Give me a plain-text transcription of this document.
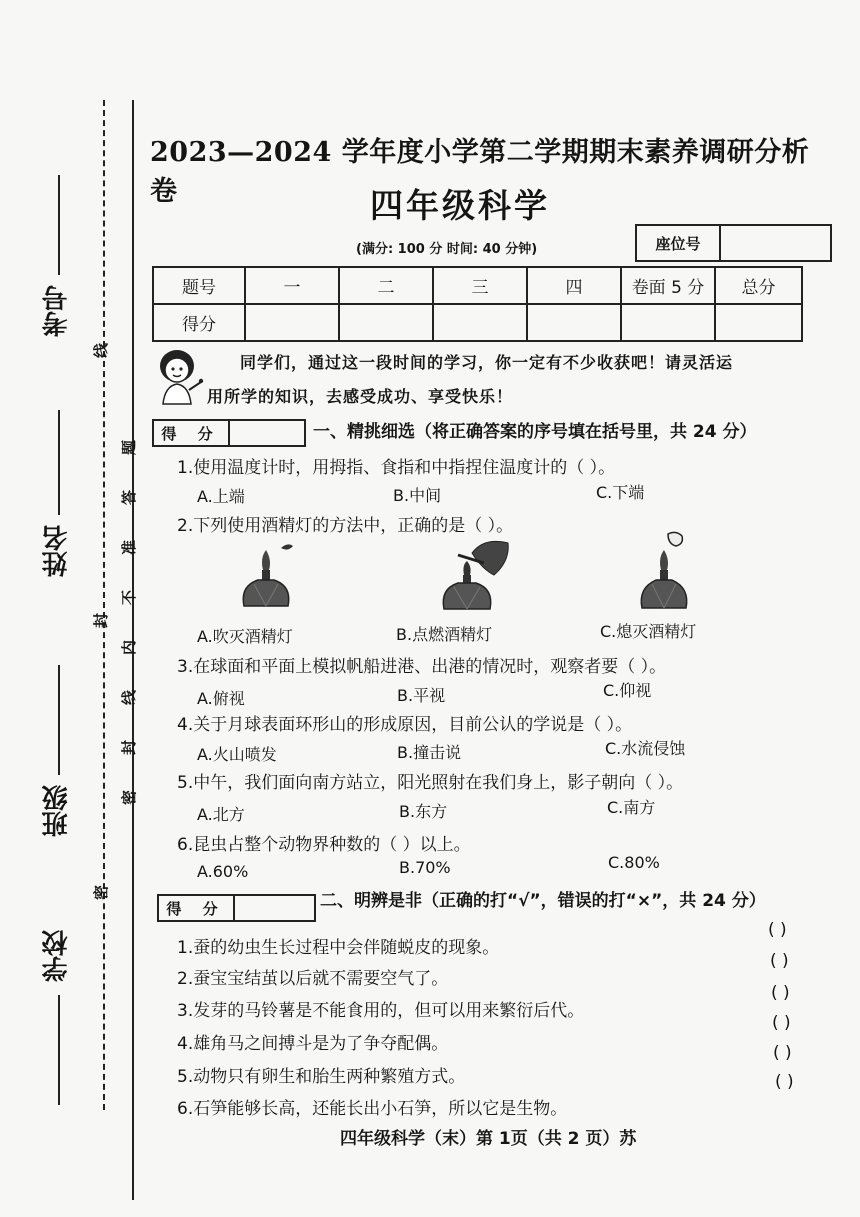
考号
姓名
班级
学校
线
封
密
题
答
准
不
内
线
封
密
2023—2024 学年度小学第二学期期末素养调研分析卷	四年级科学
(满分: 100 分 时间: 40 分钟)	座位号
题号	一	二	三	四	卷面 5 分	总分
得分						
同学们，通过这一段时间的学习，你一定有不少收获吧！请灵活运
用所学的知识，去感受成功、享受快乐！
得 分	一、精挑细选（将正确答案的序号填在括号里，共 24 分）
1.使用温度计时，用拇指、食指和中指捏住温度计的（ ）。
A.上端	B.中间	C.下端
2.下列使用酒精灯的方法中，正确的是（ ）。
A.吹灭酒精灯	B.点燃酒精灯	C.熄灭酒精灯
3.在球面和平面上模拟帆船进港、出港的情况时，观察者要（ ）。
A.俯视	B.平视	C.仰视
4.关于月球表面环形山的形成原因，目前公认的学说是（ ）。
A.火山喷发	B.撞击说	C.水流侵蚀
5.中午，我们面向南方站立，阳光照射在我们身上，影子朝向（ ）。
A.北方	B.东方	C.南方
6.昆虫占整个动物界种数的（ ）以上。
A.60%	B.70%	C.80%
得 分	二、明辨是非（正确的打“√”，错误的打“×”，共 24 分）
1.蚕的幼虫生长过程中会伴随蜕皮的现象。
( )
2.蚕宝宝结茧以后就不需要空气了。
( )
3.发芽的马铃薯是不能食用的，但可以用来繁衍后代。
( )
4.雄角马之间搏斗是为了争夺配偶。
( )
5.动物只有卵生和胎生两种繁殖方式。
( )
6.石笋能够长高，还能长出小石笋，所以它是生物。
( )
四年级科学（末）第 1页（共 2 页）苏
